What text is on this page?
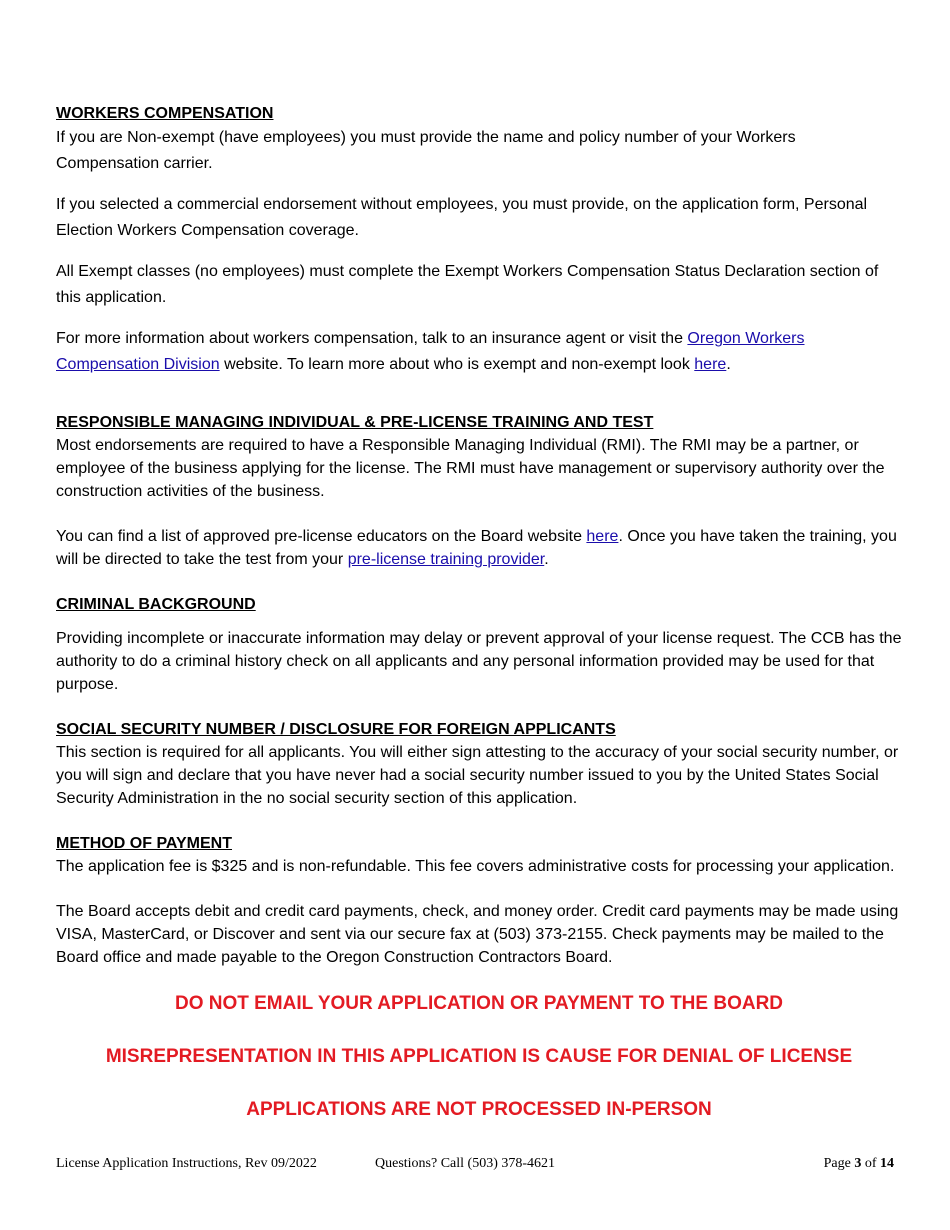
WORKERS COMPENSATION

If you are Non-exempt (have employees) you must provide the name and policy number of your Workers Compensation carrier.

If you selected a commercial endorsement without employees, you must provide, on the application form, Personal Election Workers Compensation coverage.

All Exempt classes (no employees) must complete the Exempt Workers Compensation Status Declaration section of this application.

For more information about workers compensation, talk to an insurance agent or visit the Oregon Workers Compensation Division website. To learn more about who is exempt and non-exempt look here.

RESPONSIBLE MANAGING INDIVIDUAL & PRE-LICENSE TRAINING AND TEST

Most endorsements are required to have a Responsible Managing Individual (RMI). The RMI may be a partner, or employee of the business applying for the license. The RMI must have management or supervisory authority over the construction activities of the business.

You can find a list of approved pre-license educators on the Board website here. Once you have taken the training, you will be directed to take the test from your pre-license training provider.

CRIMINAL BACKGROUND

Providing incomplete or inaccurate information may delay or prevent approval of your license request. The CCB has the authority to do a criminal history check on all applicants and any personal information provided may be used for that purpose.

SOCIAL SECURITY NUMBER / DISCLOSURE FOR FOREIGN APPLICANTS

This section is required for all applicants. You will either sign attesting to the accuracy of your social security number, or you will sign and declare that you have never had a social security number issued to you by the United States Social Security Administration in the no social security section of this application.

METHOD OF PAYMENT

The application fee is $325 and is non-refundable. This fee covers administrative costs for processing your application.

The Board accepts debit and credit card payments, check, and money order. Credit card payments may be made using VISA, MasterCard, or Discover and sent via our secure fax at (503) 373-2155. Check payments may be mailed to the Board office and made payable to the Oregon Construction Contractors Board.

DO NOT EMAIL YOUR APPLICATION OR PAYMENT TO THE BOARD

MISREPRESENTATION IN THIS APPLICATION IS CAUSE FOR DENIAL OF LICENSE

APPLICATIONS ARE NOT PROCESSED IN-PERSON

License Application Instructions, Rev 09/2022	Questions? Call (503) 378-4621	Page 3 of 14
